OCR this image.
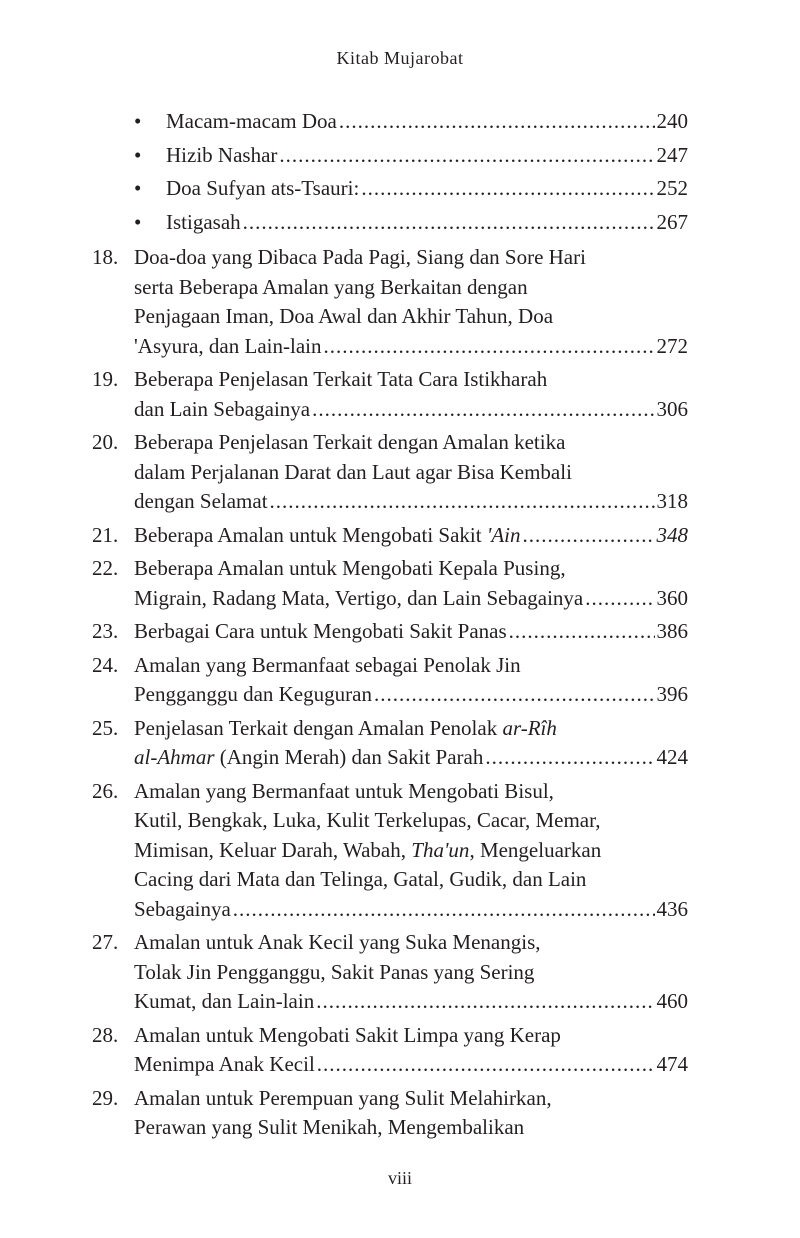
Kitab Mujarobat
•	Macam-macam Doa .....	240
•	Hizib Nashar .....	247
•	Doa Sufyan ats-Tsauri: .....	252
•	Istigasah .....	267
18. Doa-doa yang Dibaca Pada Pagi, Siang dan Sore Hari
serta Beberapa Amalan yang Berkaitan dengan
Penjagaan Iman, Doa Awal dan Akhir Tahun, Doa
'Asyura, dan Lain-lain .....	272
19. Beberapa Penjelasan Terkait Tata Cara Istikharah
dan Lain Sebagainya .....	306
20. Beberapa Penjelasan Terkait dengan Amalan ketika
dalam Perjalanan Darat dan Laut agar Bisa Kembali
dengan Selamat .....	318
21. Beberapa Amalan untuk Mengobati Sakit 'Ain .....	348
22. Beberapa Amalan untuk Mengobati Kepala Pusing,
Migrain, Radang Mata, Vertigo, dan Lain Sebagainya .....	360
23. Berbagai Cara untuk Mengobati Sakit Panas .....	386
24. Amalan yang Bermanfaat sebagai Penolak Jin
Pengganggu dan Keguguran .....	396
25. Penjelasan Terkait dengan Amalan Penolak ar-Rîh
al-Ahmar (Angin Merah) dan Sakit Parah .....	424
26. Amalan yang Bermanfaat untuk Mengobati Bisul,
Kutil, Bengkak, Luka, Kulit Terkelupas, Cacar, Memar,
Mimisan, Keluar Darah, Wabah, Tha'un, Mengeluarkan
Cacing dari Mata dan Telinga, Gatal, Gudik, dan Lain
Sebagainya .....	436
27. Amalan untuk Anak Kecil yang Suka Menangis,
Tolak Jin Pengganggu, Sakit Panas yang Sering
Kumat, dan Lain-lain .....	460
28. Amalan untuk Mengobati Sakit Limpa yang Kerap
Menimpa Anak Kecil .....	474
29. Amalan untuk Perempuan yang Sulit Melahirkan,
Perawan yang Sulit Menikah, Mengembalikan
viii
